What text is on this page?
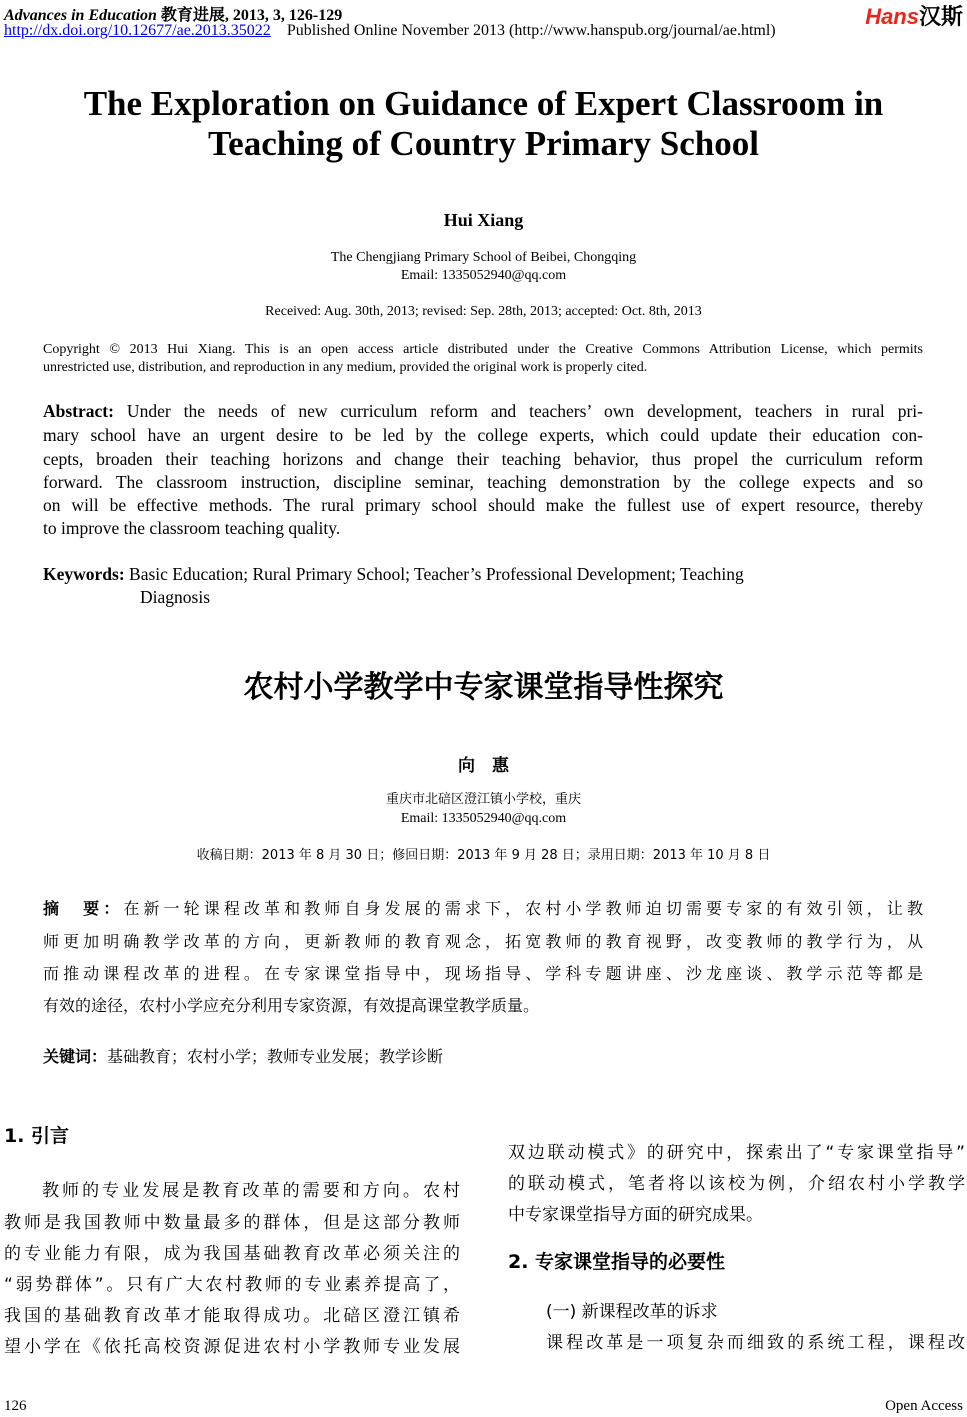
Advances in Education 教育进展, 2013, 3, 126-129
http://dx.doi.org/10.12677/ae.2013.35022 Published Online November 2013 (http://www.hanspub.org/journal/ae.html)
Hans汉斯
The Exploration on Guidance of Expert Classroom in
Teaching of Country Primary School
Hui Xiang
The Chengjiang Primary School of Beibei, Chongqing
Email: 1335052940@qq.com
Received: Aug. 30th, 2013; revised: Sep. 28th, 2013; accepted: Oct. 8th, 2013
Copyright © 2013 Hui Xiang. This is an open access article distributed under the Creative Commons Attribution License, which permits
unrestricted use, distribution, and reproduction in any medium, provided the original work is properly cited.
Abstract: Under the needs of new curriculum reform and teachers’ own development, teachers in rural pri-
mary school have an urgent desire to be led by the college experts, which could update their education con-
cepts, broaden their teaching horizons and change their teaching behavior, thus propel the curriculum reform
forward. The classroom instruction, discipline seminar, teaching demonstration by the college expects and so
on will be effective methods. The rural primary school should make the fullest use of expert resource, thereby
to improve the classroom teaching quality.
Keywords: Basic Education; Rural Primary School; Teacher’s Professional Development; Teaching
Diagnosis
农村小学教学中专家课堂指导性探究
向　惠
重庆市北碚区澄江镇小学校，重庆
Email: 1335052940@qq.com
收稿日期：2013 年 8 月 30 日；修回日期：2013 年 9 月 28 日；录用日期：2013 年 10 月 8 日
摘　要：在新一轮课程改革和教师自身发展的需求下，农村小学教师迫切需要专家的有效引领，让教
师更加明确教学改革的方向，更新教师的教育观念，拓宽教师的教育视野，改变教师的教学行为，从
而推动课程改革的进程。在专家课堂指导中，现场指导、学科专题讲座、沙龙座谈、教学示范等都是
有效的途径，农村小学应充分利用专家资源，有效提高课堂教学质量。
关键词：基础教育；农村小学；教师专业发展；教学诊断
1. 引言
教师的专业发展是教育改革的需要和方向。农村
教师是我国教师中数量最多的群体，但是这部分教师
的专业能力有限，成为我国基础教育改革必须关注的
“弱势群体”。只有广大农村教师的专业素养提高了，
我国的基础教育改革才能取得成功。北碚区澄江镇希
望小学在《依托高校资源促进农村小学教师专业发展
双边联动模式》的研究中，探索出了“专家课堂指导”
的联动模式，笔者将以该校为例，介绍农村小学教学
中专家课堂指导方面的研究成果。
2. 专家课堂指导的必要性
(一) 新课程改革的诉求
课程改革是一项复杂而细致的系统工程，课程改
126	Open Access
